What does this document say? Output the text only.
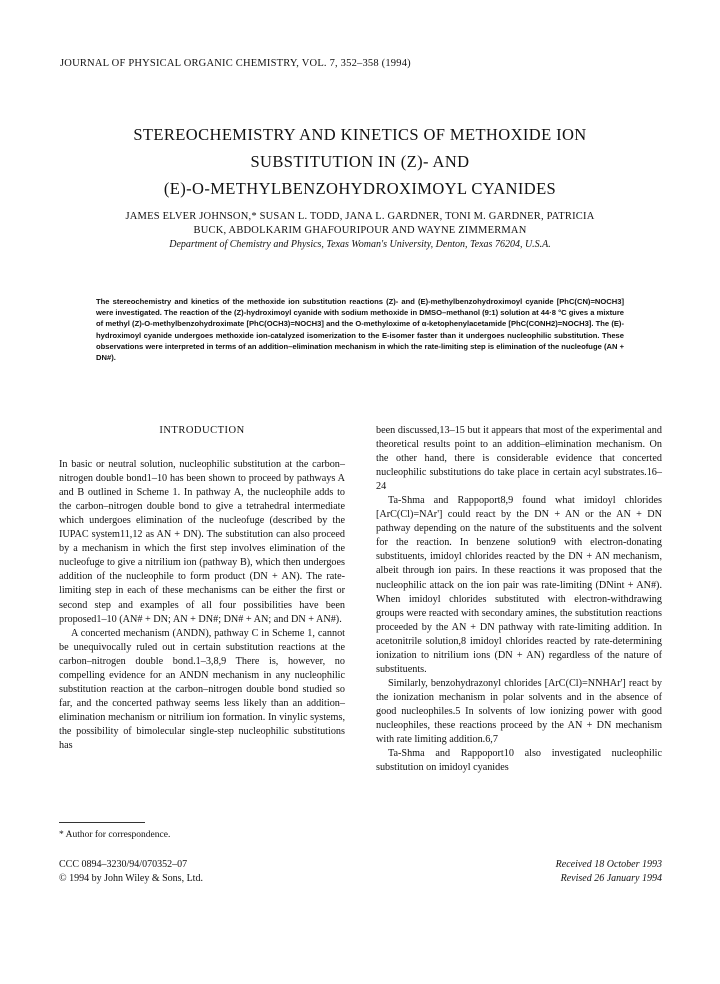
JOURNAL OF PHYSICAL ORGANIC CHEMISTRY, VOL. 7, 352–358 (1994)
STEREOCHEMISTRY AND KINETICS OF METHOXIDE ION
SUBSTITUTION IN (Z)- AND
(E)-O-METHYLBENZOHYDROXIMOYL CYANIDES
JAMES ELVER JOHNSON,* SUSAN L. TODD, JANA L. GARDNER, TONI M. GARDNER, PATRICIA
BUCK, ABDOLKARIM GHAFOURIPOUR AND WAYNE ZIMMERMAN
Department of Chemistry and Physics, Texas Woman's University, Denton, Texas 76204, U.S.A.
The stereochemistry and kinetics of the methoxide ion substitution reactions (Z)- and (E)-methylbenzohydroximoyl cyanide [PhC(CN)=NOCH3] were investigated. The reaction of the (Z)-hydroximoyl cyanide with sodium methoxide in DMSO–methanol (9:1) solution at 44·8 °C gives a mixture of methyl (Z)-O-methylbenzohydroximate [PhC(OCH3)=NOCH3] and the O-methyloxime of α-ketophenylacetamide [PhC(CONH2)=NOCH3]. The (E)-hydroximoyl cyanide undergoes methoxide ion-catalyzed isomerization to the E-isomer faster than it undergoes nucleophilic substitution. These observations were interpreted in terms of an addition–elimination mechanism in which the rate-limiting step is elimination of the nucleofuge (AN + DN#).

INTRODUCTION

In basic or neutral solution, nucleophilic substitution at the carbon–nitrogen double bond1–10 has been shown to proceed by pathways A and B outlined in Scheme 1. In pathway A, the nucleophile adds to the carbon–nitrogen double bond to give a tetrahedral intermediate which undergoes elimination of the nucleofuge (described by the IUPAC system11,12 as AN + DN). The substitution can also proceed by a mechanism in which the first step involves elimination of the nucleofuge to give a nitrilium ion (pathway B), which then undergoes addition of the nucleophile to form product (DN + AN). The rate-limiting step in each of these mechanisms can be either the first or second step and examples of all four possibilities have been proposed1–10 (AN# + DN; AN + DN#; DN# + AN; and DN + AN#).

A concerted mechanism (ANDN), pathway C in Scheme 1, cannot be unequivocally ruled out in certain substitution reactions at the carbon–nitrogen double bond.1–3,8,9 There is, however, no compelling evidence for an ANDN mechanism in any nucleophilic substitution reaction at the carbon–nitrogen double bond studied so far, and the concerted pathway seems less likely than an addition–elimination mechanism or nitrilium ion formation. In vinylic systems, the possibility of bimolecular single-step nucleophilic substitutions has

been discussed,13–15 but it appears that most of the experimental and theoretical results point to an addition–elimination mechanism. On the other hand, there is considerable evidence that concerted nucleophilic substitutions do take place in certain acyl substrates.16–24

Ta-Shma and Rappoport8,9 found what imidoyl chlorides [ArC(Cl)=NAr'] could react by the DN + AN or the AN + DN pathway depending on the nature of the substituents and the solvent for the reaction. In benzene solution9 with electron-donating substituents, imidoyl chlorides reacted by the DN + AN mechanism, albeit through ion pairs. In these reactions it was proposed that the nucleophilic attack on the ion pair was rate-limiting (DNint + AN#). When imidoyl chlorides substituted with electron-withdrawing groups were reacted with secondary amines, the substitution reactions proceeded by the AN + DN pathway with rate-limiting addition. In acetonitrile solution,8 imidoyl chlorides reacted by rate-determining ionization to nitrilium ions (DN + AN) regardless of the nature of substituents.

Similarly, benzohydrazonyl chlorides [ArC(Cl)=NNHAr'] react by the ionization mechanism in polar solvents and in the absence of good nucleophiles.5 In solvents of low ionizing power with good nucleophiles, these reactions proceed by the AN + DN mechanism with rate limiting addition.6,7

Ta-Shma and Rappoport10 also investigated nucleophilic substitution on imidoyl cyanides

* Author for correspondence.
CCC 0894–3230/94/070352–07
© 1994 by John Wiley & Sons, Ltd.
Received 18 October 1993
Revised 26 January 1994
